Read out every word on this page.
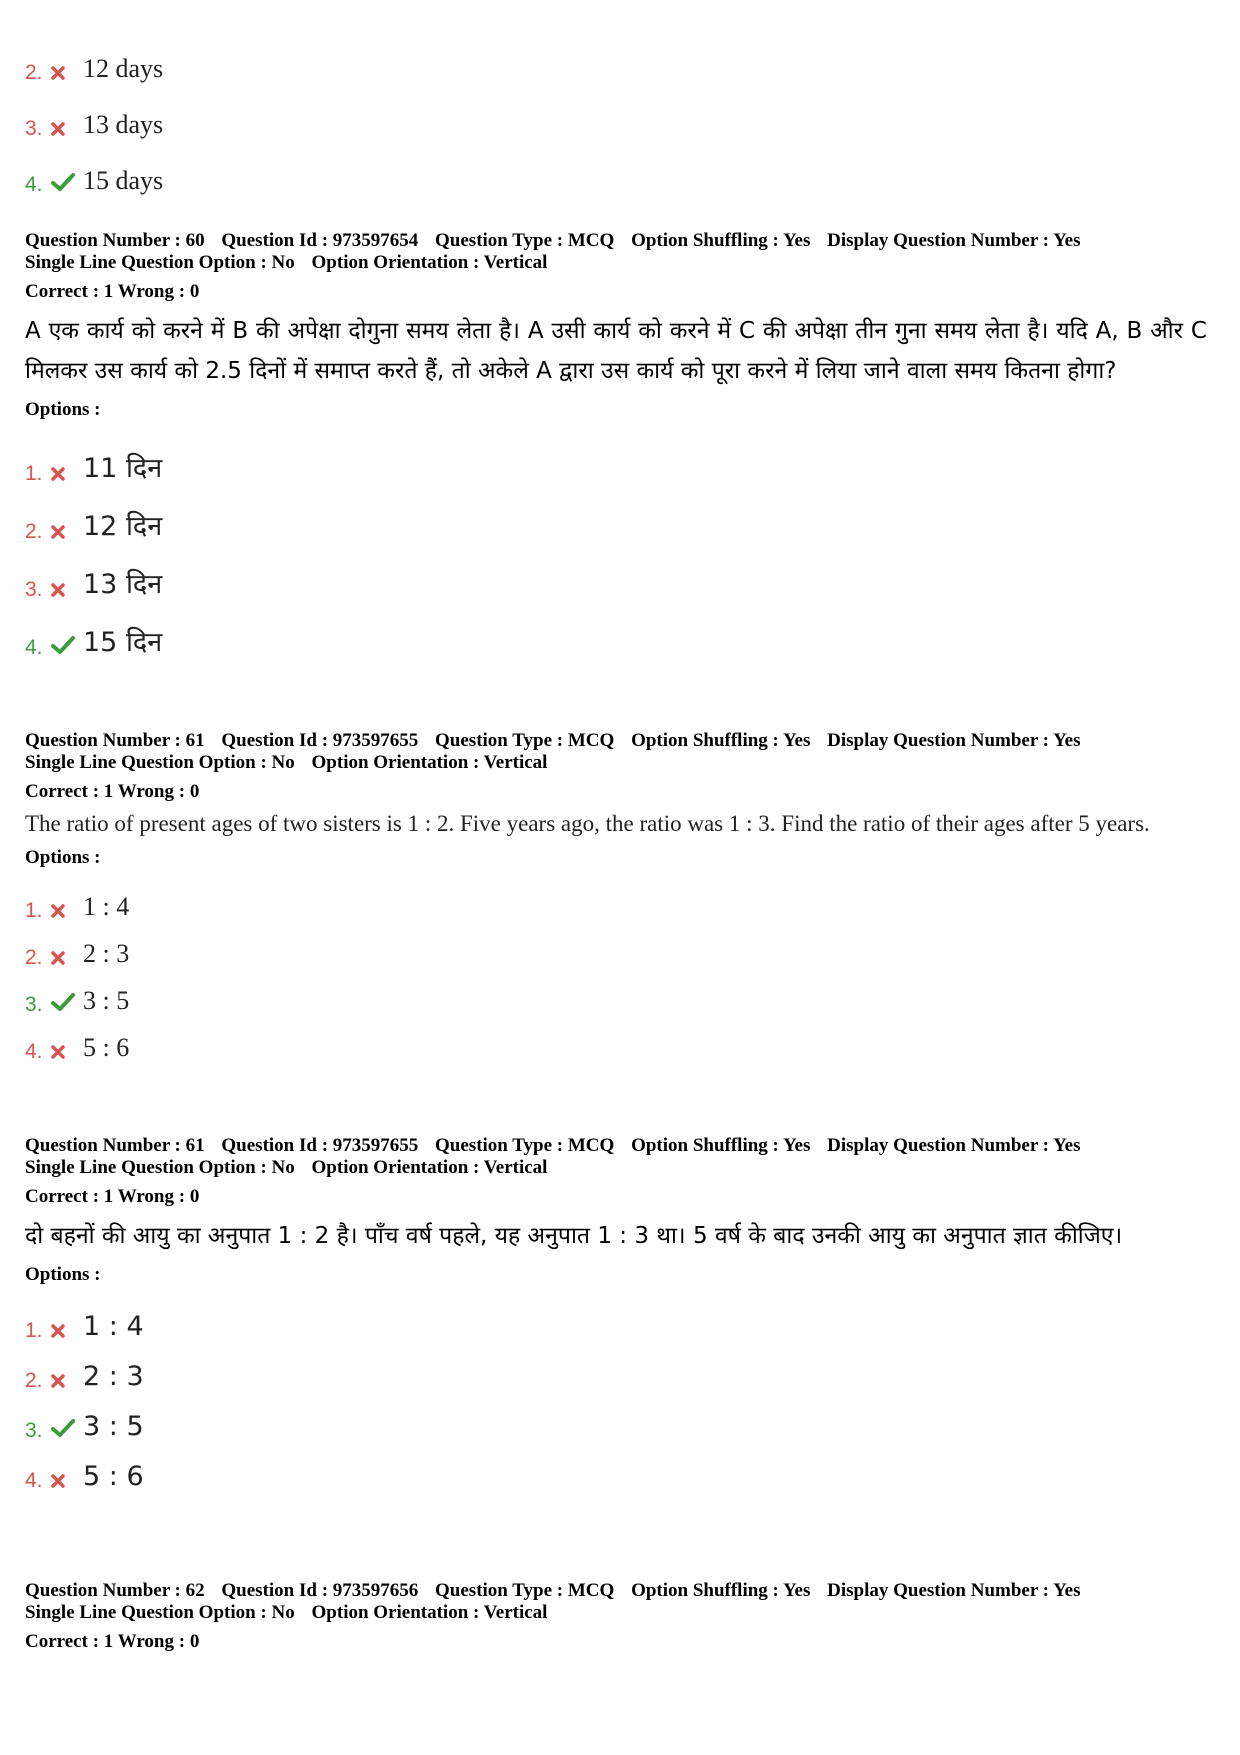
2. 12 days
3. 13 days
4. 15 days
Question Number : 60 Question Id : 973597654 Question Type : MCQ Option Shuffling : Yes Display Question Number : Yes
Single Line Question Option : No Option Orientation : Vertical
Correct : 1 Wrong : 0
A एक कार्य को करने में B की अपेक्षा दोगुना समय लेता है। A उसी कार्य को करने में C की अपेक्षा तीन गुना समय लेता है। यदि A, B और C मिलकर उस कार्य को 2.5 दिनों में समाप्त करते हैं, तो अकेले A द्वारा उस कार्य को पूरा करने में लिया जाने वाला समय कितना होगा?
Options :
1. 11 दिन
2. 12 दिन
3. 13 दिन
4. 15 दिन
Question Number : 61 Question Id : 973597655 Question Type : MCQ Option Shuffling : Yes Display Question Number : Yes
Single Line Question Option : No Option Orientation : Vertical
Correct : 1 Wrong : 0
The ratio of present ages of two sisters is 1 : 2. Five years ago, the ratio was 1 : 3. Find the ratio of their ages after 5 years.
Options :
1. 1 : 4
2. 2 : 3
3. 3 : 5
4. 5 : 6
Question Number : 61 Question Id : 973597655 Question Type : MCQ Option Shuffling : Yes Display Question Number : Yes
Single Line Question Option : No Option Orientation : Vertical
Correct : 1 Wrong : 0
दो बहनों की आयु का अनुपात 1 : 2 है। पाँच वर्ष पहले, यह अनुपात 1 : 3 था। 5 वर्ष के बाद उनकी आयु का अनुपात ज्ञात कीजिए।
Options :
1. 1 : 4
2. 2 : 3
3. 3 : 5
4. 5 : 6
Question Number : 62 Question Id : 973597656 Question Type : MCQ Option Shuffling : Yes Display Question Number : Yes
Single Line Question Option : No Option Orientation : Vertical
Correct : 1 Wrong : 0
